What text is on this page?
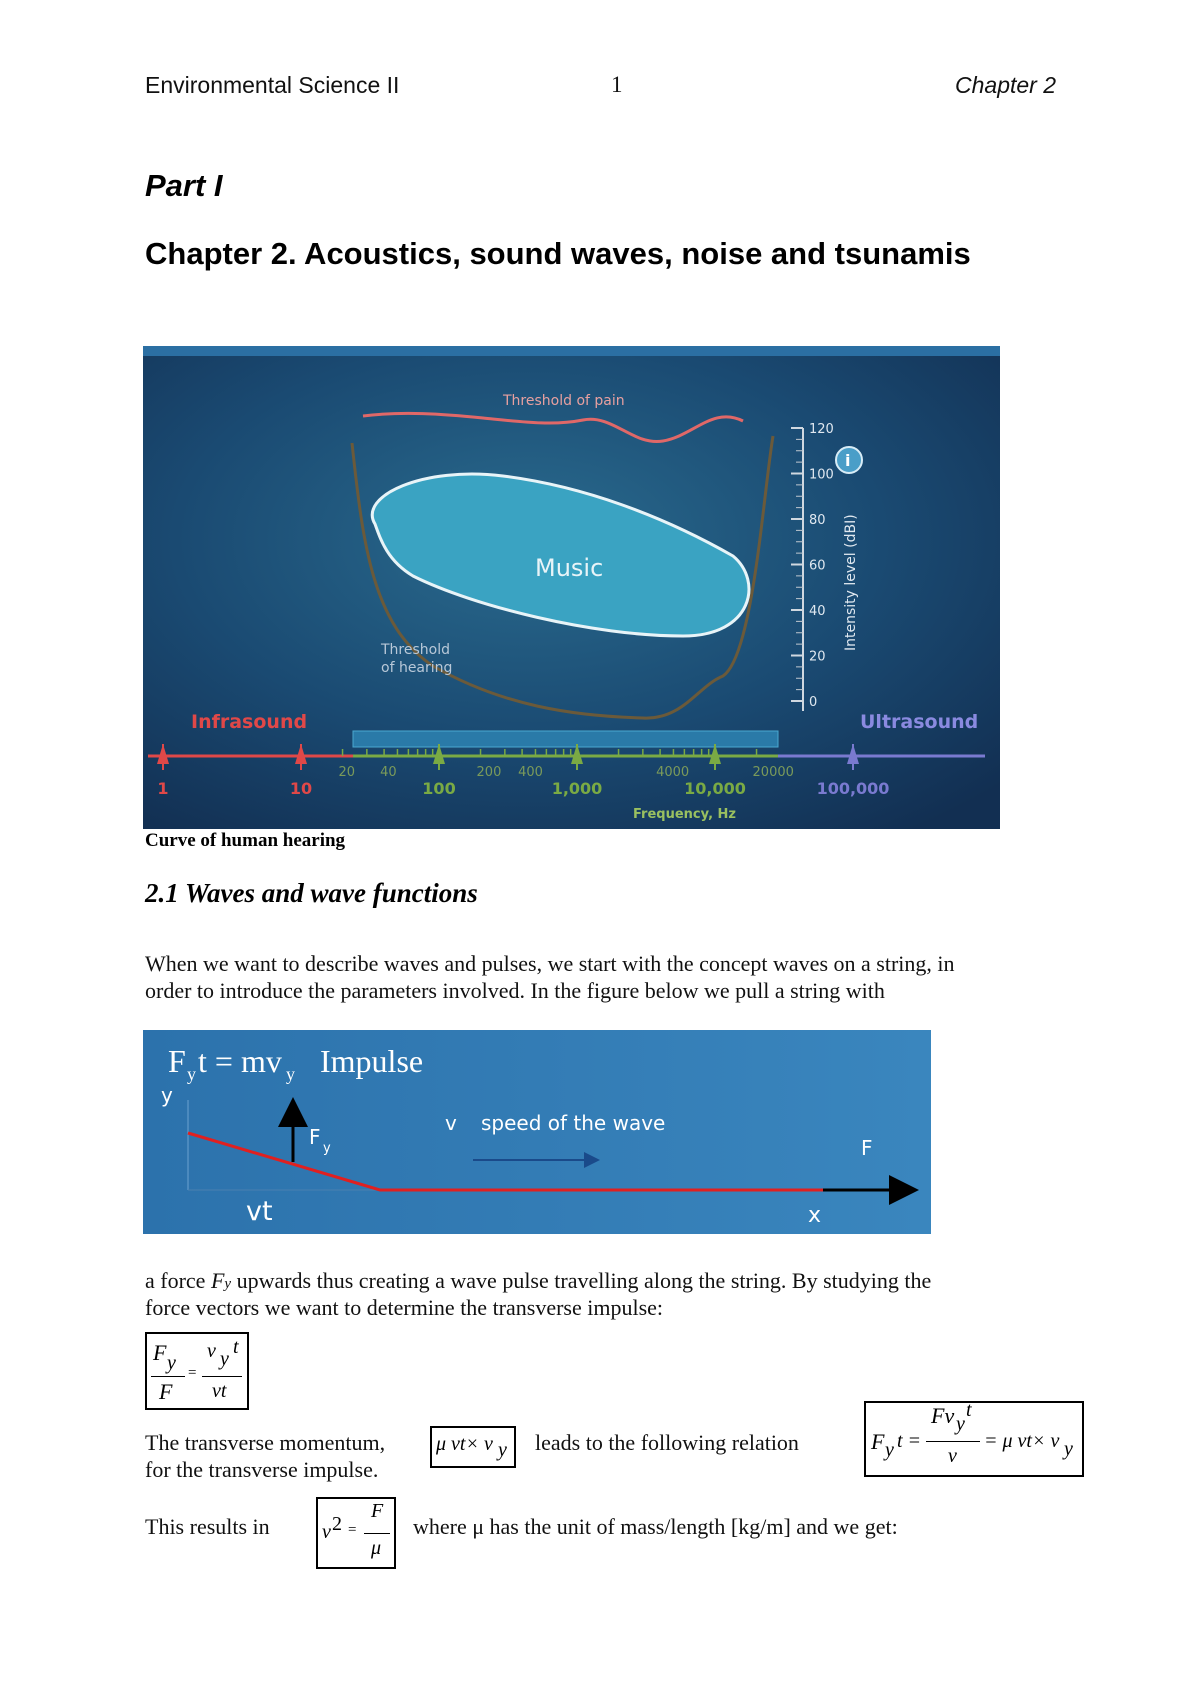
Environmental Science II	1	Chapter 2
Part I
Chapter 2. Acoustics, sound waves, noise and tsunamis
Threshold of pain
Threshold
of hearing
Music
120
100
80
60
40
20
0
Intensity level (dBI)
i
Infrasound	Ultrasound
20 40	200 400	4000	20000
1	10	100	1,000	10,000	100,000
Frequency, Hz
Curve of human hearing
2.1 Waves and wave functions
When we want to describe waves and pulses, we start with the concept waves on a string, in
order to introduce the parameters involved. In the figure below we pull a string with
F y t = mv y Impulse
y
F y
v speed of the wave
F
vt	x
a force Fy upwards thus creating a wave pulse travelling along the string. By studying the
force vectors we want to determine the transverse impulse:
F y
F
=
v y
t
vt
The transverse momentum,	μ vt× v y leads to the following relation
for the transverse impulse.
F y t =
Fv y
t
v
= μ vt× v y
This results in	v 2 =
F
μ
where μ has the unit of mass/length [kg/m] and we get:
